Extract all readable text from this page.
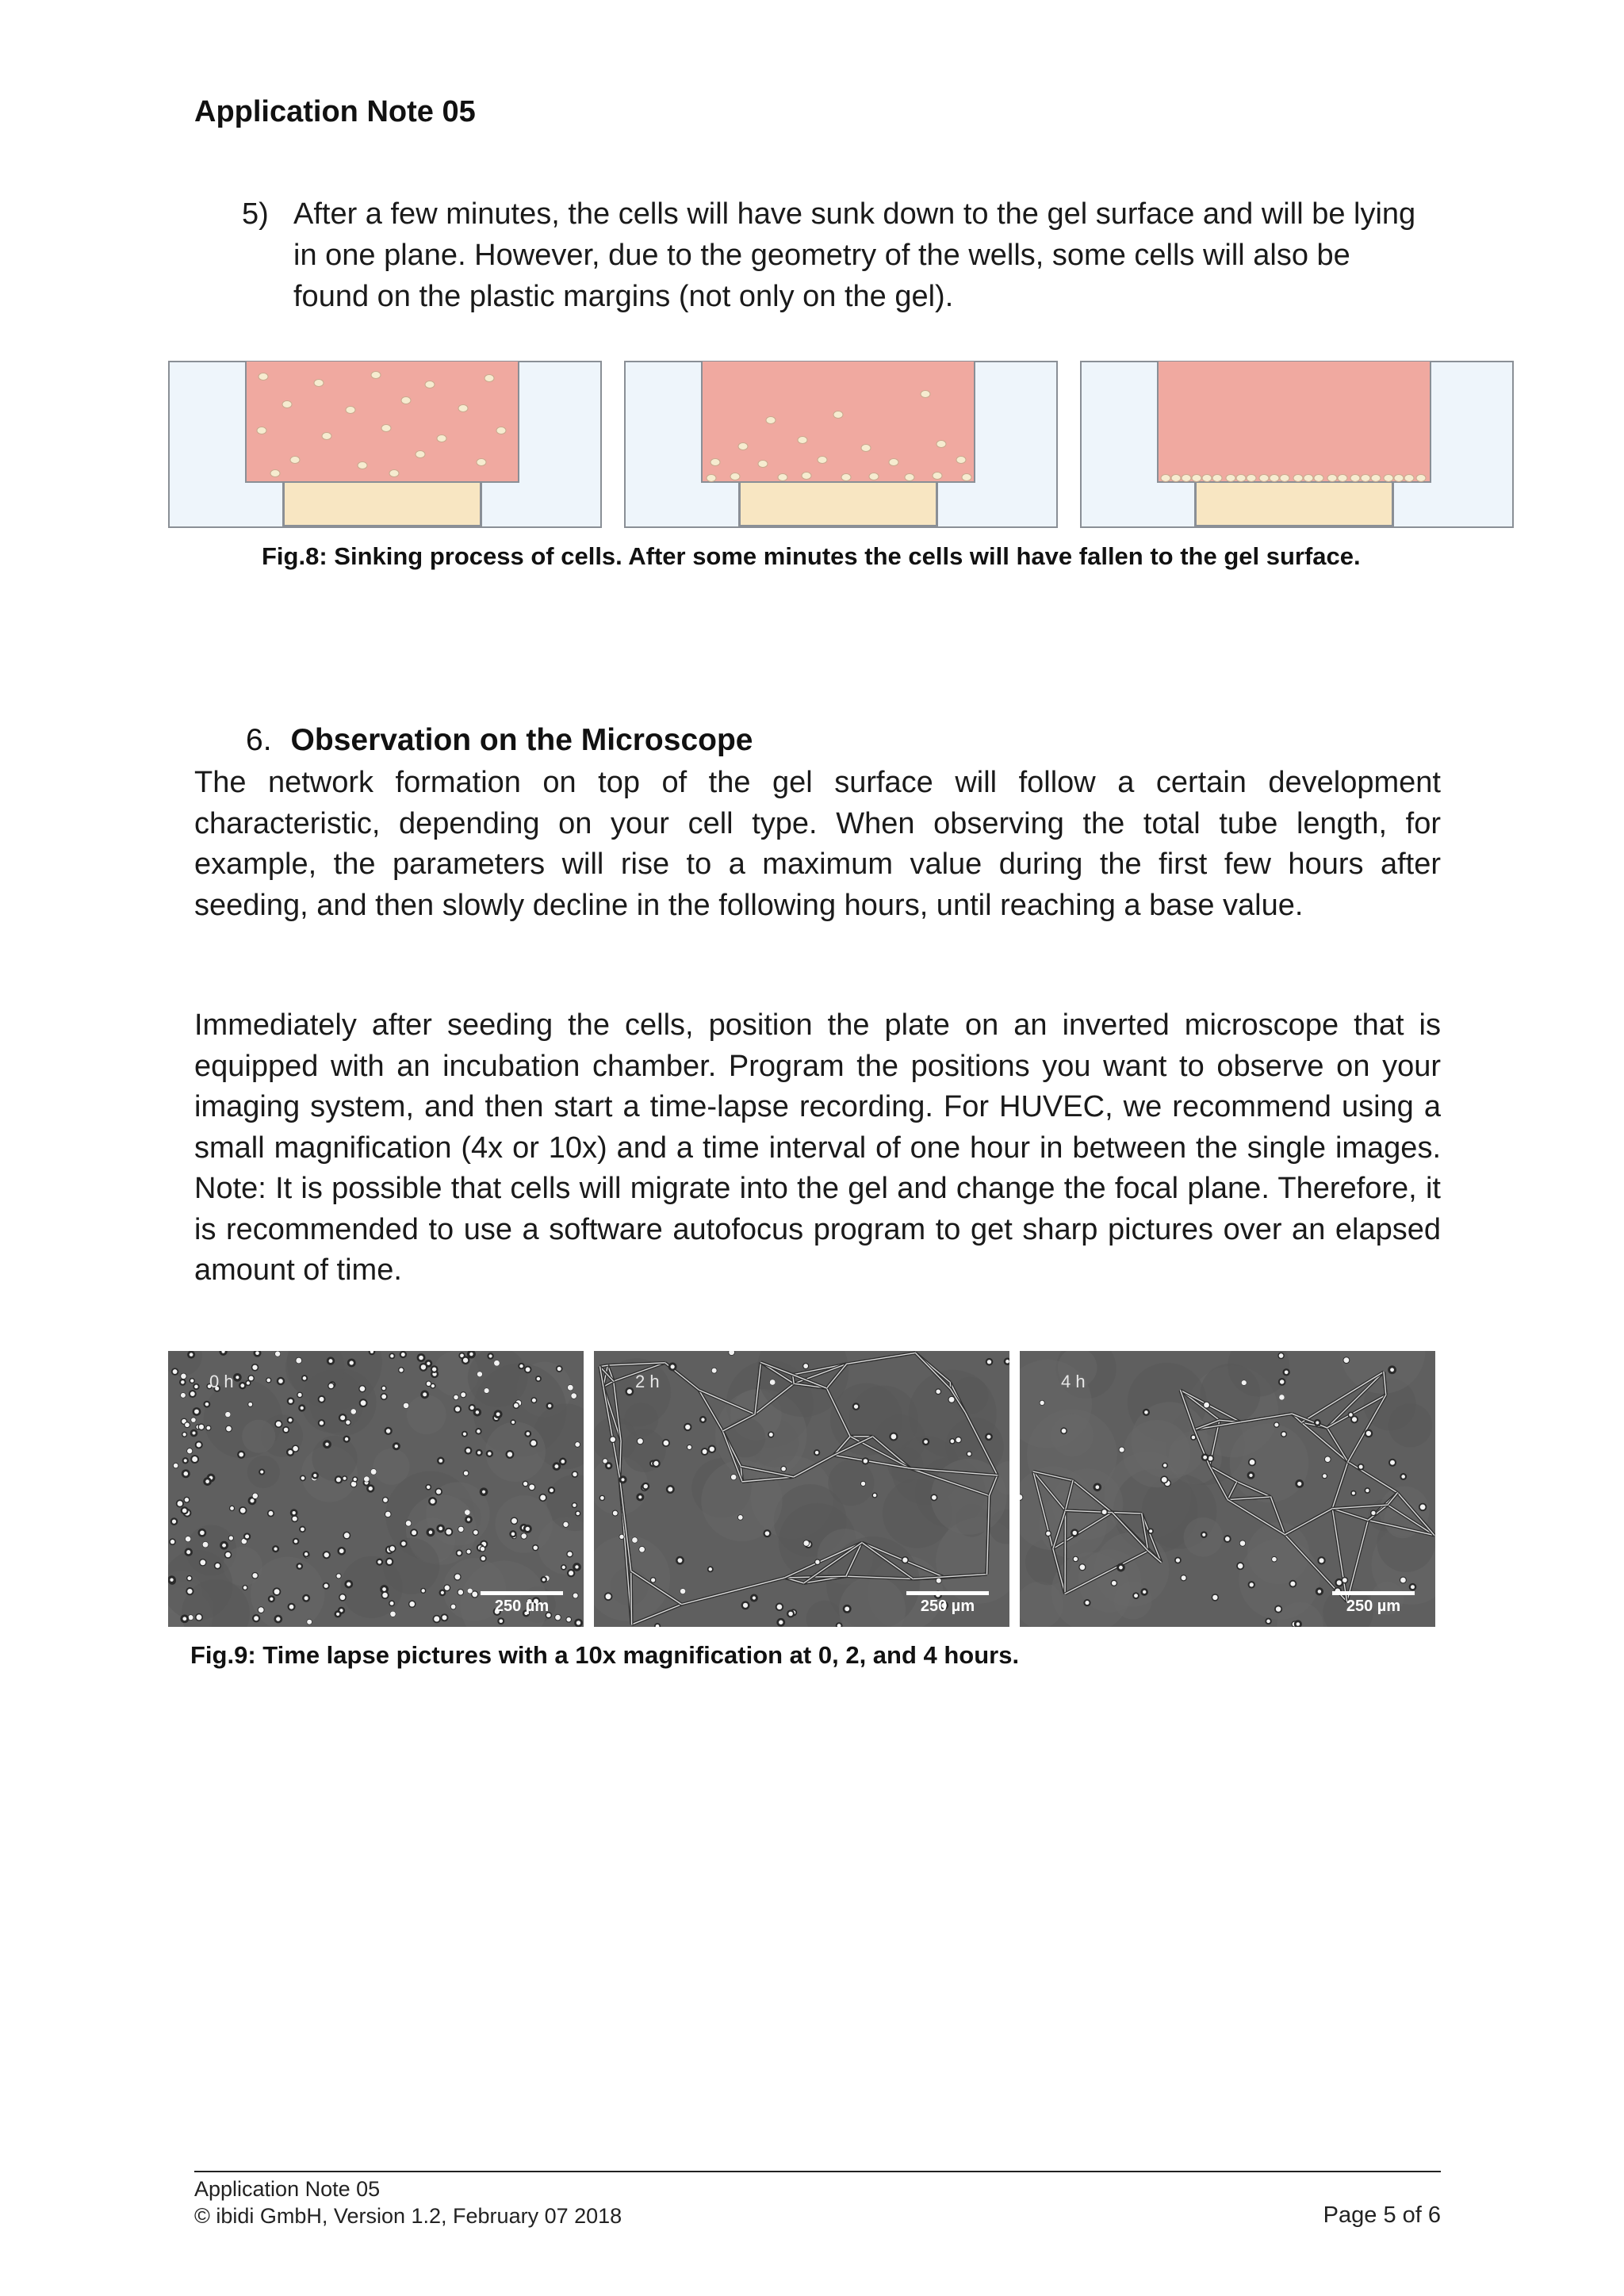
Application Note 05
5) After a few minutes, the cells will have sunk down to the gel surface and will be lying in one plane. However, due to the geometry of the wells, some cells will also be found on the plastic margins (not only on the gel).
Fig.8: Sinking process of cells. After some minutes the cells will have fallen to the gel surface.
6. Observation on the Microscope
The network formation on top of the gel surface will follow a certain development characteristic, depending on your cell type. When observing the total tube length, for example, the parameters will rise to a maximum value during the first few hours after seeding, and then slowly decline in the following hours, until reaching a base value.
Immediately after seeding the cells, position the plate on an inverted microscope that is equipped with an incubation chamber. Program the positions you want to observe on your imaging system, and then start a time-lapse recording. For HUVEC, we recommend using a small magnification (4x or 10x) and a time interval of one hour in between the single images. Note: It is possible that cells will migrate into the gel and change the focal plane. Therefore, it is recommended to use a software autofocus program to get sharp pictures over an elapsed amount of time.
0 h
250 µm
2 h
250 µm
4 h
250 µm
Fig.9: Time lapse pictures with a 10x magnification at 0, 2, and 4 hours.
Application Note 05
© ibidi GmbH, Version 1.2, February 07 2018	Page 5 of 6
